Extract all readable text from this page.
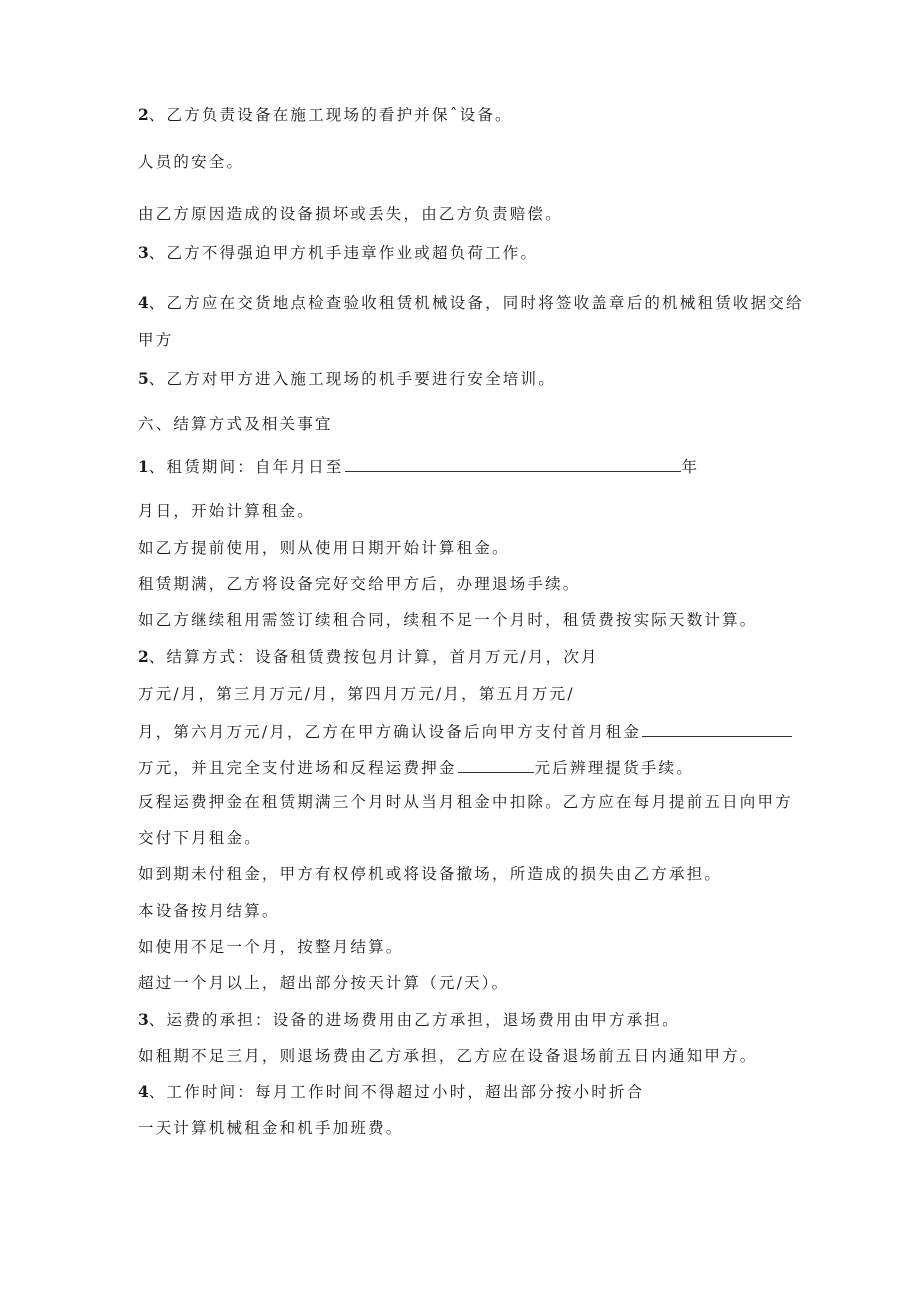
2、乙方负责设备在施工现场的看护并保ˆ设备。
人员的安全。
由乙方原因造成的设备损坏或丢失，由乙方负责赔偿。
3、乙方不得强迫甲方机手违章作业或超负荷工作。
4、乙方应在交货地点检查验收租赁机械设备，同时将签收盖章后的机械租赁收据交给
甲方
5、乙方对甲方进入施工现场的机手要进行安全培训。
六、结算方式及相关事宜
1、租赁期间：自年月日至	年
月日，开始计算租金。
如乙方提前使用，则从使用日期开始计算租金。
租赁期满，乙方将设备完好交给甲方后，办理退场手续。
如乙方继续租用需签订续租合同，续租不足一个月时，租赁费按实际天数计算。
2、结算方式：设备租赁费按包月计算，首月万元/月，次月
万元/月，第三月万元/月，第四月万元/月，第五月万元/
月，第六月万元/月，乙方在甲方确认设备后向甲方支付首月租金
万元，并且完全支付进场和反程运费押金	元后辨理提货手续。
反程运费押金在租赁期满三个月时从当月租金中扣除。乙方应在每月提前五日向甲方
交付下月租金。
如到期未付租金，甲方有权停机或将设备撤场，所造成的损失由乙方承担。
本设备按月结算。
如使用不足一个月，按整月结算。
超过一个月以上，超出部分按天计算（元/天）。
3、运费的承担：设备的进场费用由乙方承担，退场费用由甲方承担。
如租期不足三月，则退场费由乙方承担，乙方应在设备退场前五日内通知甲方。
4、工作时间：每月工作时间不得超过小时，超出部分按小时折合
一天计算机械租金和机手加班费。
